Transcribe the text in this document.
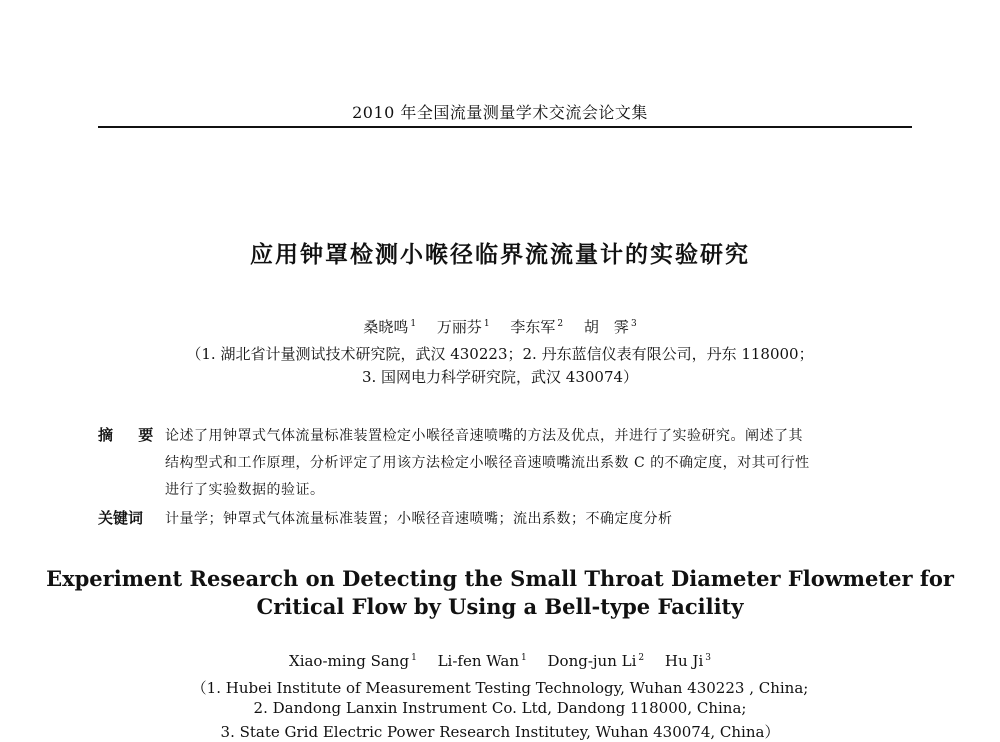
2010 年全国流量测量学术交流会论文集
应用钟罩检测小喉径临界流流量计的实验研究
桑晓鸣 $^1$ 万丽芬 $^1$ 李东军 $^2$ 胡　霁 $^3$
（1. 湖北省计量测试技术研究院，武汉 430223；2. 丹东蓝信仪表有限公司，丹东 118000；
3. 国网电力科学研究院，武汉 430074）
摘 要 论述了用钟罩式气体流量标准装置检定小喉径音速喷嘴的方法及优点，并进行了实验研究。阐述了其
结构型式和工作原理，分析评定了用该方法检定小喉径音速喷嘴流出系数 C 的不确定度，对其可行性
进行了实验数据的验证。
关键词 计量学；钟罩式气体流量标准装置；小喉径音速喷嘴；流出系数；不确定度分析
Experiment Research on Detecting the Small Throat Diameter Flowmeter for
Critical Flow by Using a Bell-type Facility
Xiao-ming Sang $^1$ Li-fen Wan $^1$ Dong-jun Li $^2$ Hu Ji $^3$
（1. Hubei Institute of Measurement Testing Technology, Wuhan 430223 , China;
2. Dandong Lanxin Instrument Co. Ltd, Dandong 118000, China;
3. State Grid Electric Power Research Institutey, Wuhan 430074, China）
